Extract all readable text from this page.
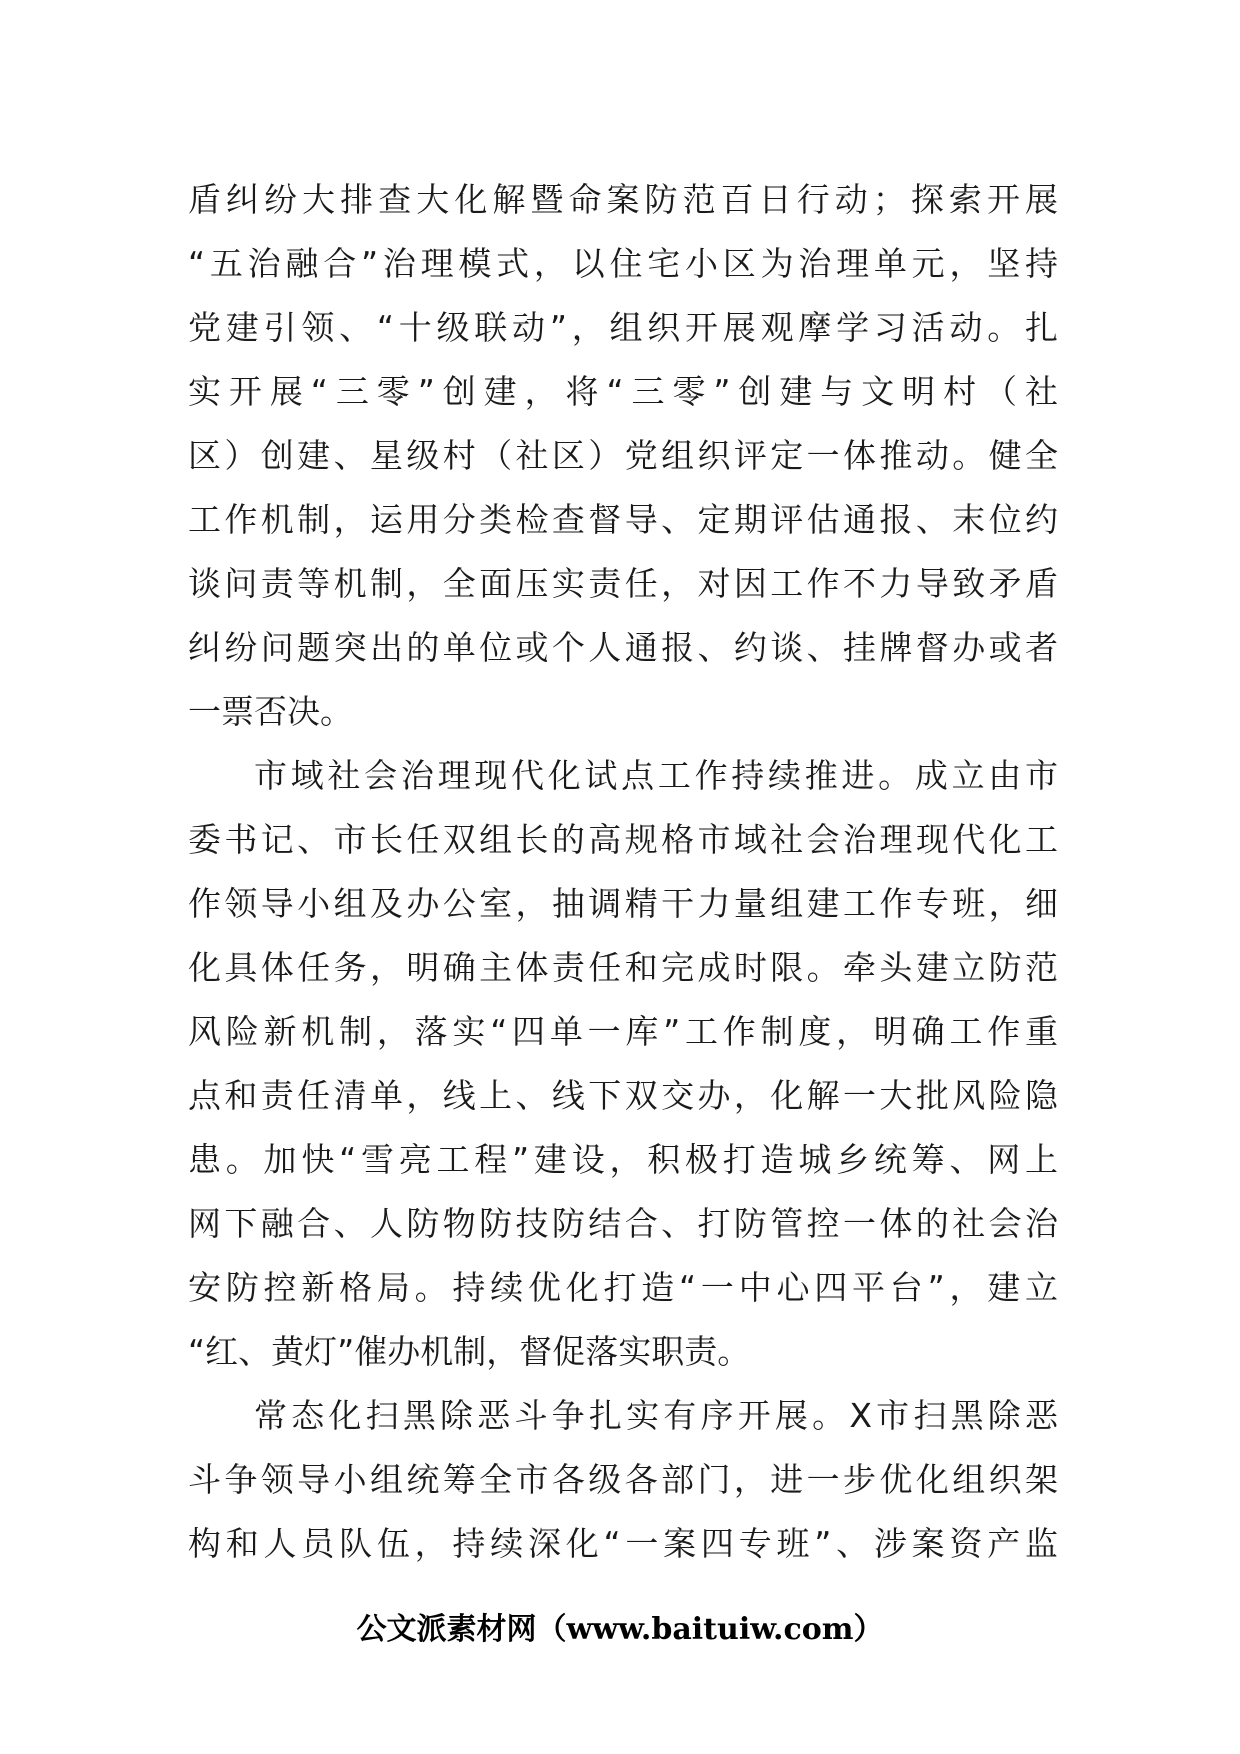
盾纠纷大排查大化解暨命案防范百日行动；探索开展
“五治融合”治理模式，以住宅小区为治理单元，坚持
党建引领、“十级联动”，组织开展观摩学习活动。扎
实开展“三零”创建，将“三零”创建与文明村（社
区）创建、星级村（社区）党组织评定一体推动。健全
工作机制，运用分类检查督导、定期评估通报、末位约
谈问责等机制，全面压实责任，对因工作不力导致矛盾
纠纷问题突出的单位或个人通报、约谈、挂牌督办或者
一票否决。
市域社会治理现代化试点工作持续推进。成立由市
委书记、市长任双组长的高规格市域社会治理现代化工
作领导小组及办公室，抽调精干力量组建工作专班，细
化具体任务，明确主体责任和完成时限。牵头建立防范
风险新机制，落实“四单一库”工作制度，明确工作重
点和责任清单，线上、线下双交办，化解一大批风险隐
患。加快“雪亮工程”建设，积极打造城乡统筹、网上
网下融合、人防物防技防结合、打防管控一体的社会治
安防控新格局。持续优化打造“一中心四平台”，建立
“红、黄灯”催办机制，督促落实职责。
常态化扫黑除恶斗争扎实有序开展。X市扫黑除恶
斗争领导小组统筹全市各级各部门，进一步优化组织架
构和人员队伍，持续深化“一案四专班”、涉案资产监
公文派素材网（www.baituiw.com）
